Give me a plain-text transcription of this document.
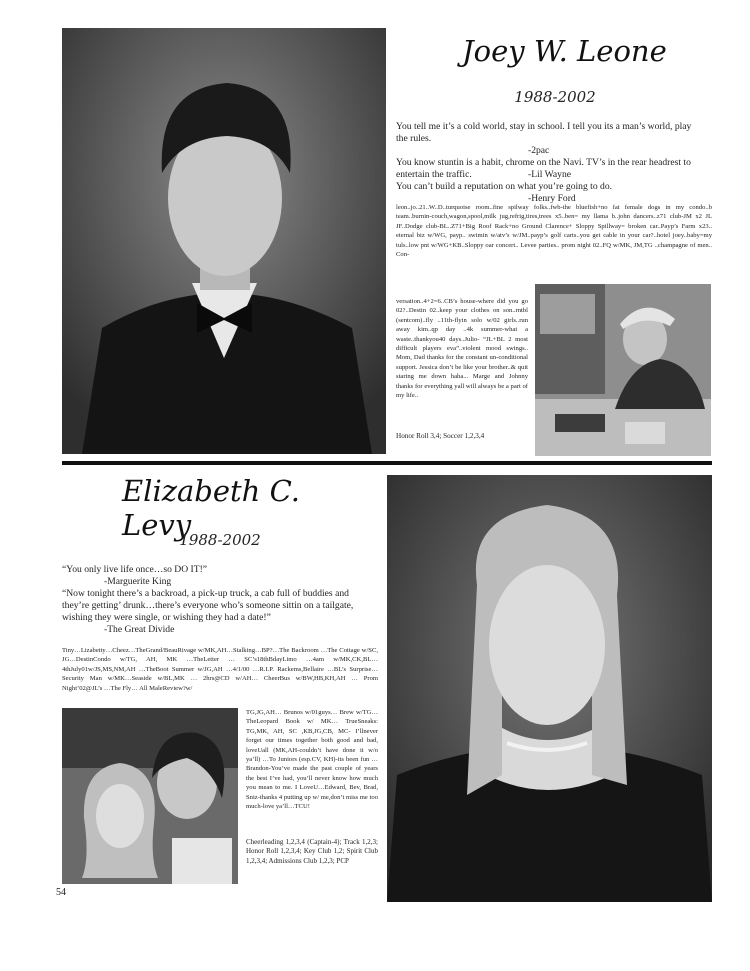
Joey W. Leone
1988-2002
You tell me it’s a cold world, stay in school. I tell you its a man’s world, play
the rules.
-2pac
You know stuntin is a habit, chrome on the Navi. TV’s in the rear headrest to
entertain the traffic.	-Lil Wayne
You can’t build a reputation on what you’re going to do.
-Henry Ford
leon..jo..21..W..D..turquoise room..fine spilway folks..fwb-the bluefish+no fat female dogs in my condo..b team..burnin-couch,wagon,spool,milk jug,refrig,tires,trees x5..ben= my llama b..john dancers..z71 club-JM x2 JL JF..Dodge club-BL..Z71+Big Roof Rack+no Ground Clarence+ Sloppy Spillway= broken car..Payp’s Farm x23.. eternal biz w/WG, payp.. swimin w/atv’s w/JM..payp’s golf carts..you get cable in your car?..hotel joey..baby=my tuls..low pnt w/WG+KB..Sloppy oar concert.. Levee parties.. prom night 02..FQ w/MK, JM,TG ..champagne of men.. Con-
versation..4+2=6..CB’s house-where did you go 02?..Destin 02..keep your clothes on son..rntbl (sentcom)..fly ..11th-flyin solo w/02 girls..run away kim..qp day ..4k summer-what a waste..thankyou40 days..Julio- “JL+BL 2 most difficult players eva”..violent mood swings.. Mom, Dad thanks for the constant un-conditional support. Jessica don’t be like your brother..& quit staring me down haha... Marge and Johnny thanks for everything yall will always be a part of my life..
Honor Roll 3,4; Soccer 1,2,3,4
Elizabeth C. Levy
1988-2002
“You only live life once…so DO IT!”
-Marguerite King
“Now tonight there’s a backroad, a pick-up truck, a cab full of buddies and
they’re getting’ drunk…there’s everyone who’s someone sittin on a tailgate,
wishing they were single, or wishing they had a date!”
-The Great Divide
Tiny…Lizabetty…Cheez…TheGrand/BeauRivage w/MK,AH…Stalking…BP?…The Backroom …The Cottage w/SC, JG…DestinCondo w/TG, AH, MK …TheLetter … SC’s18thBdayLimo …4am w/MK,CK,BL… 4thJuly01w/JS,MS,NM,AH …TheBoot Summer w/JG,AH …4/1/00 …R.I.P. Rackems,Bellaire …BL’s Surprise… Security Man w/MK…Seaside w/BL,MK … 2hrs@CD w/AH… CheerBus w/BW,HB,KH,AH … Prom Night’02@JL’s …The Fly… All MaleReview?w/
TG,JG,AH… Brunos w/01guys… Brew w/TG…TheLeopard Book w/ MK… TrueSneaks: TG,MK, AH, SC ,KB,JG,CB, MC- I’llnever forget our times together both good and bad, loveUall (MK,AH-couldn’t have done it w/o ya’ll) …To Juniors (esp.CV, KH)-its been fun … Brandon-You’ve made the past couple of years the best I’ve had, you’ll never know how much you mean to me. I LoveU…Edward, Bev, Brad, Sniz-thanks 4 putting up w/ me,don’t miss me too much-love ya’ll…TCU!
Cheerleading 1,2,3,4 (Captain-4); Track 1,2,3; Honor Roll 1,2,3,4; Key Club 1,2; Spirit Club 1,2,3,4; Admissions Club 1,2,3; PCP
54
